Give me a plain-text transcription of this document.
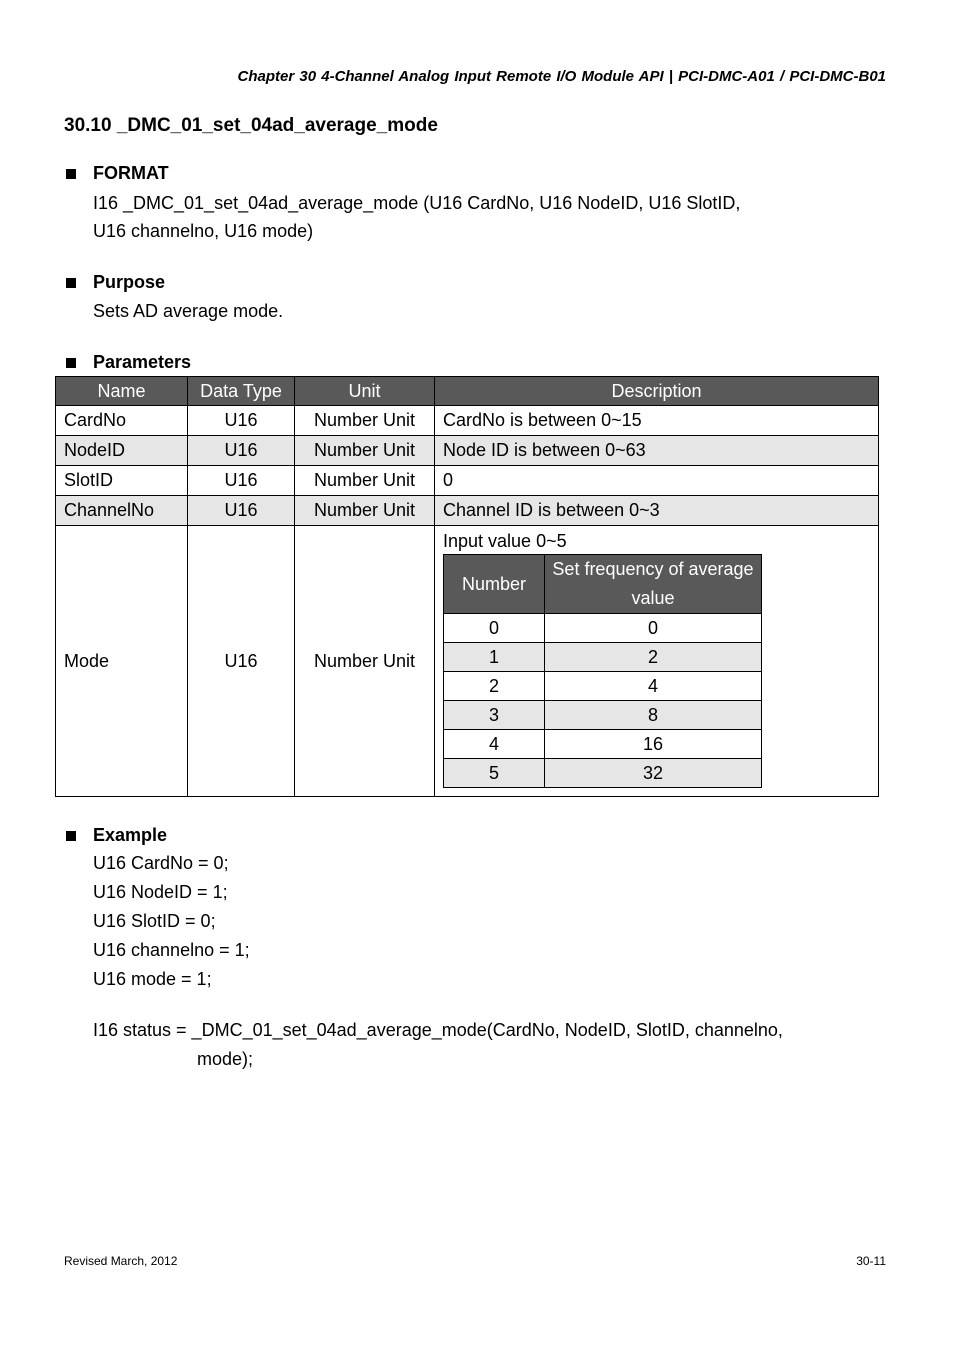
Chapter 30 4-Channel Analog Input Remote I/O Module API | PCI-DMC-A01 / PCI-DMC-B01
30.10 _DMC_01_set_04ad_average_mode
FORMAT
I16 _DMC_01_set_04ad_average_mode (U16 CardNo, U16 NodeID, U16 SlotID,
U16 channelno, U16 mode)
Purpose
Sets AD average mode.
Parameters
Name	Data Type	Unit	Description
CardNo	U16	Number Unit	CardNo is between 0~15
NodeID	U16	Number Unit	Node ID is between 0~63
SlotID	U16	Number Unit	0
ChannelNo	U16	Number Unit	Channel ID is between 0~3
Mode	U16	Number Unit	
Input value 0~5
Number	Set frequency of average value
0	0
1	2
2	4
3	8
4	16
5	32
Example
U16 CardNo = 0;
U16 NodeID = 1;
U16 SlotID = 0;
U16 channelno = 1;
U16 mode = 1;
I16 status = _DMC_01_set_04ad_average_mode(CardNo, NodeID, SlotID, channelno,
mode);
Revised March, 2012	30-11
